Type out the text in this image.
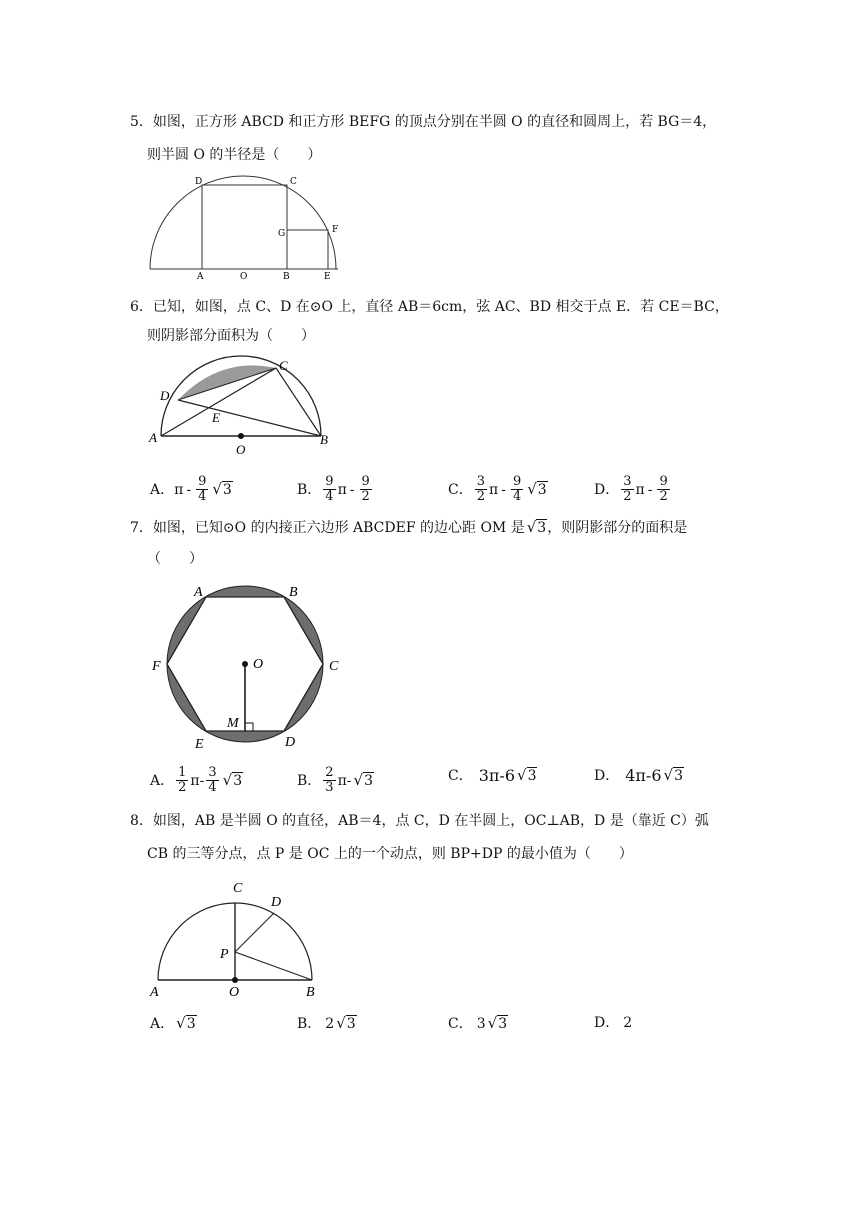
5．如图，正方形 ABCD 和正方形 BEFG 的顶点分别在半圆 O 的直径和圆周上，若 BG＝4，
则半圆 O 的半径是（　　）
D	C
G	F
A	O	B	E
6．已知，如图，点 C、D 在⊙O 上，直径 AB＝6cm，弦 AC、BD 相交于点 E．若 CE＝BC，
则阴影部分面积为（　　）
C
D
E
A	B
O
A． π - $\frac{9}{4} √3$	B． $\frac{9}{4}$ π - $\frac{9}{2}$	C． $\frac{3}{2}$ π - $\frac{9}{4} √3$	D． $\frac{3}{2}$ π - $\frac{9}{2}$
7．如图，已知⊙O 的内接正六边形 ABCDEF 的边心距 OM 是 √3 ，则阴影部分的面积是
（　　）
A	B
C
D
E
F	O
M
A． $\frac{1}{2}$ π - $\frac{3}{4} √3$	B． $\frac{2}{3}$ π - √3	C． 3π-6 √3	D． 4π-6 √3
8．如图，AB 是半圆 O 的直径，AB＝4，点 C，D 在半圆上，OC⊥AB，D 是（靠近 C）弧
CB 的三等分点，点 P 是 OC 上的一个动点，则 BP+DP 的最小值为（　　）
C
D
P
A	O	B
A． √3	B． 2 √3	C． 3 √3	D． 2
